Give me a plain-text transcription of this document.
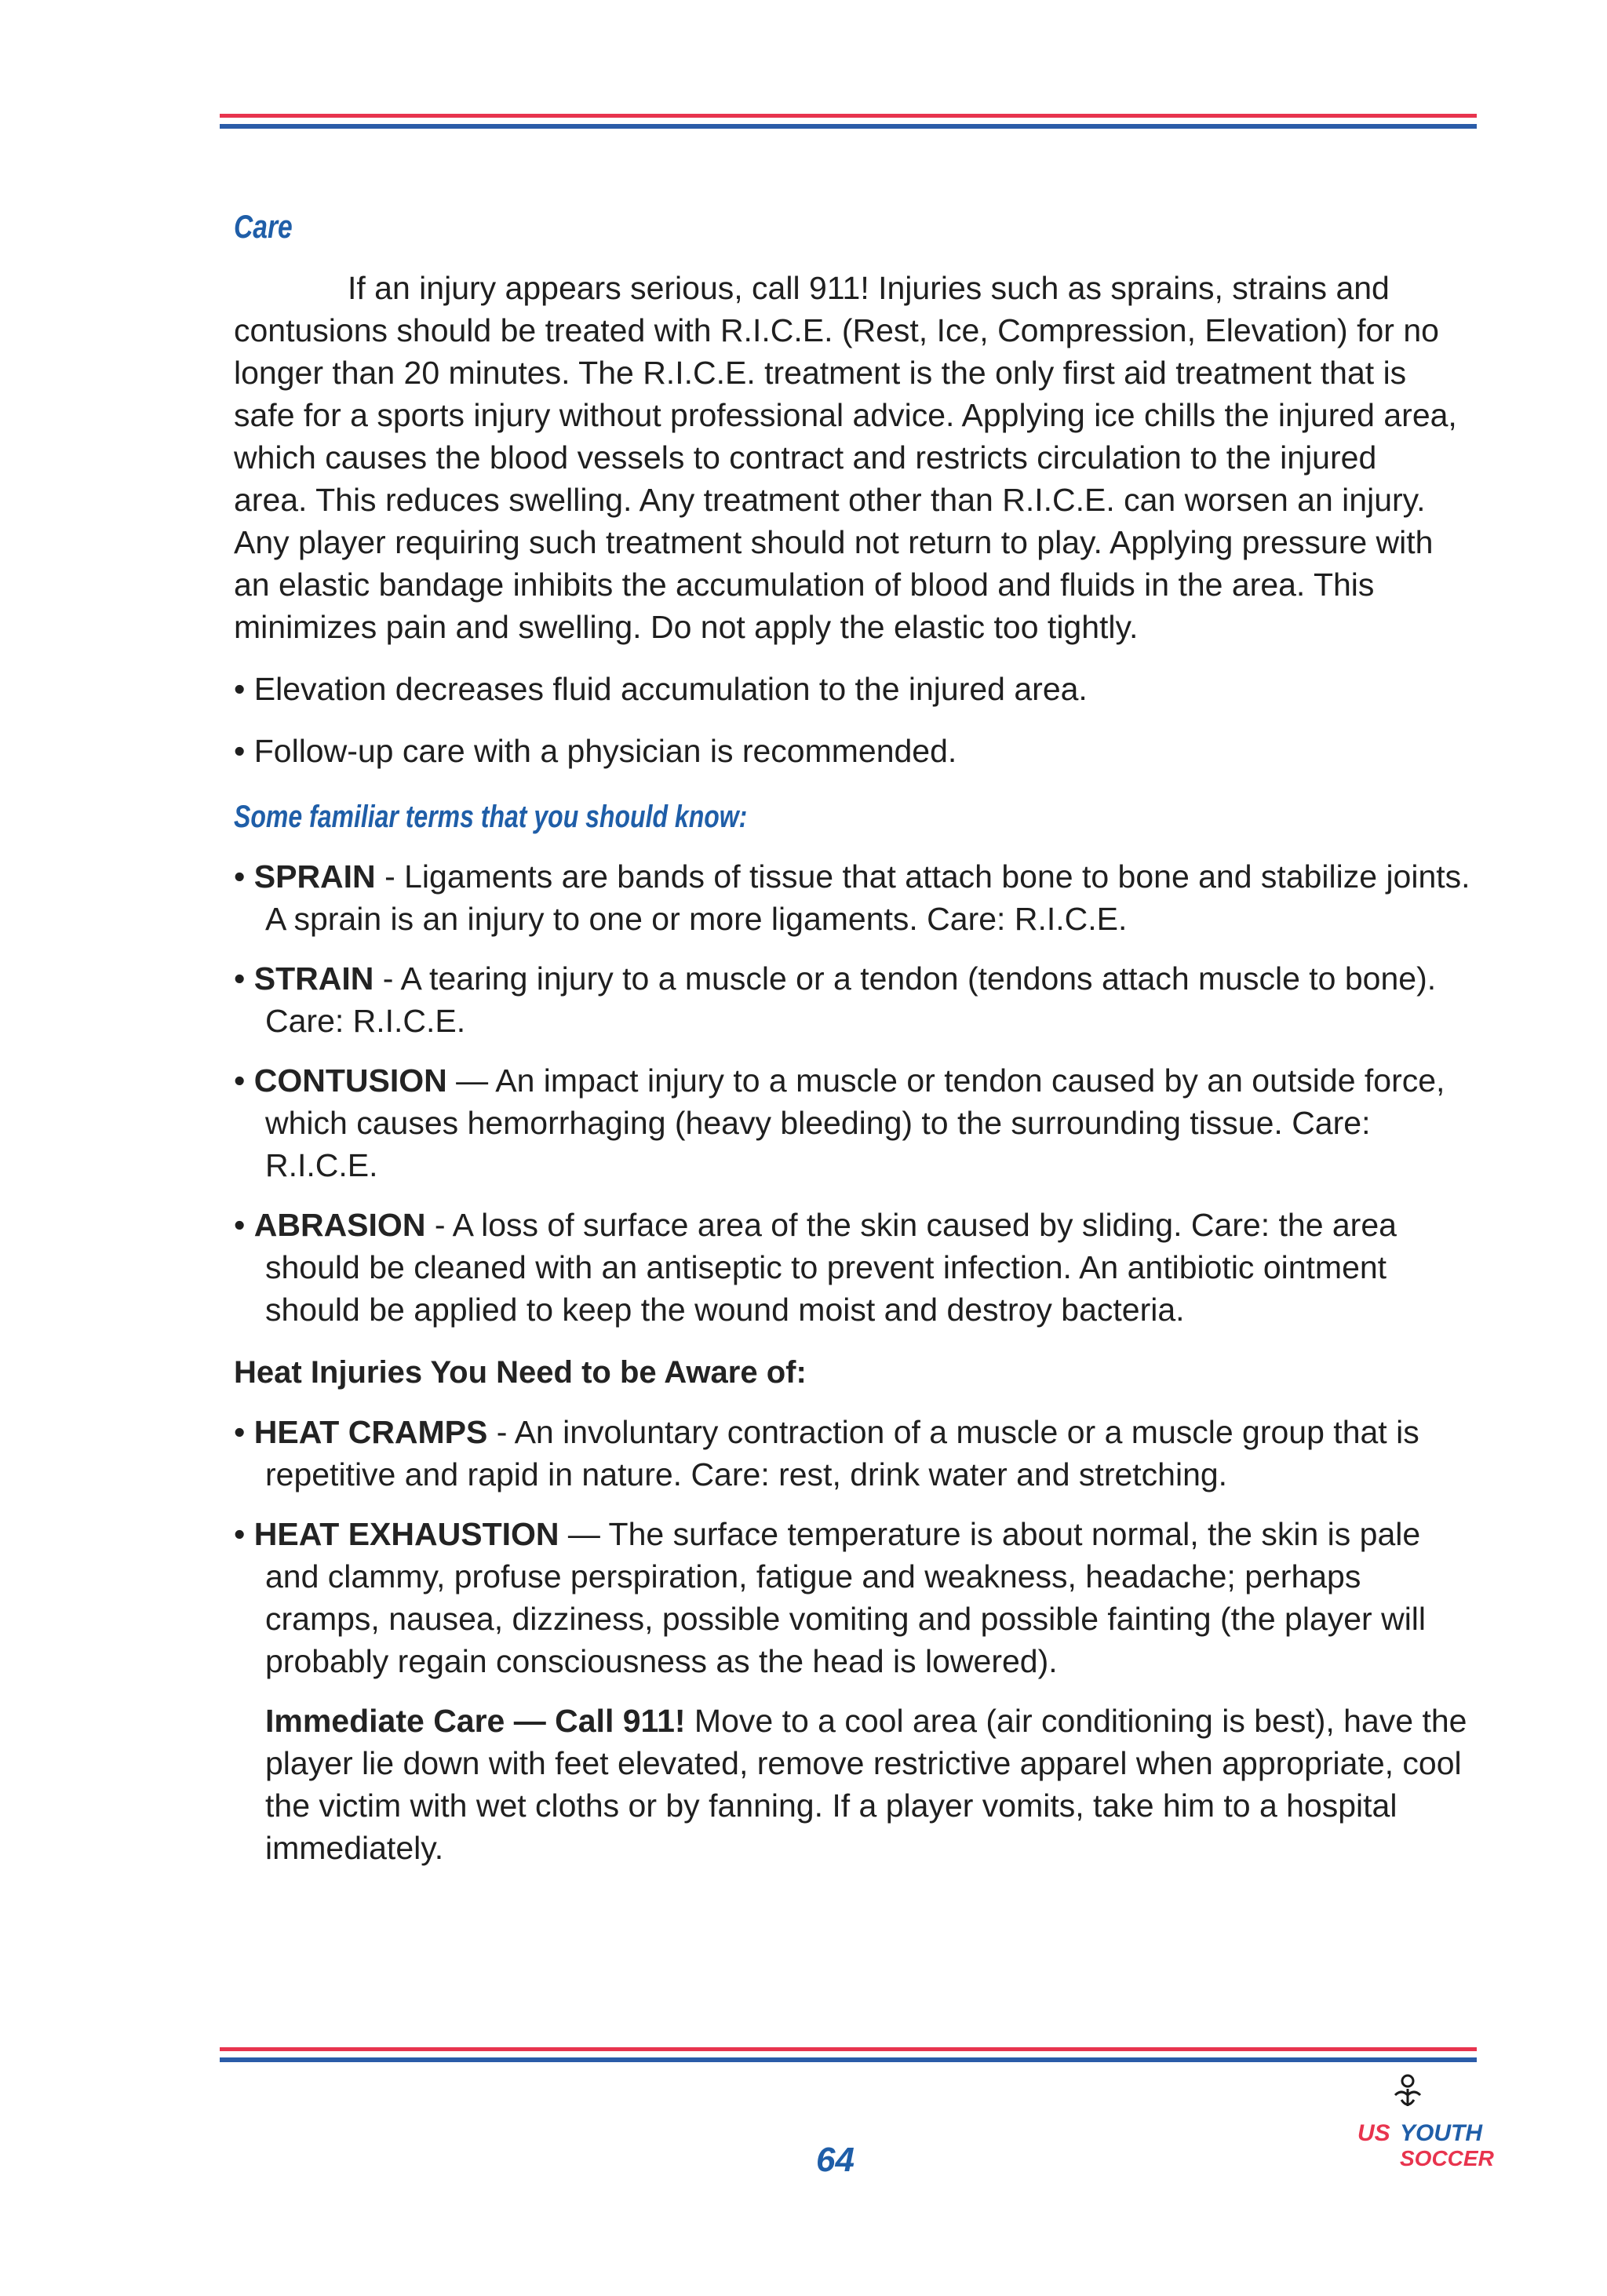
Care

If an injury appears serious, call 911! Injuries such as sprains, strains and contusions should be treated with R.I.C.E. (Rest, Ice, Compression, Elevation) for no longer than 20 minutes. The R.I.C.E. treatment is the only first aid treatment that is safe for a sports injury without professional advice. Applying ice chills the injured area, which causes the blood vessels to contract and restricts circulation to the injured area. This reduces swelling. Any treatment other than R.I.C.E. can worsen an injury. Any player requiring such treatment should not return to play. Applying pressure with an elastic bandage inhibits the accumulation of blood and fluids in the area. This minimizes pain and swelling. Do not apply the elastic too tightly.

• Elevation decreases fluid accumulation to the injured area.

• Follow-up care with a physician is recommended.

Some familiar terms that you should know:

• SPRAIN - Ligaments are bands of tissue that attach bone to bone and stabilize joints. A sprain is an injury to one or more ligaments. Care: R.I.C.E.

• STRAIN - A tearing injury to a muscle or a tendon (tendons attach muscle to bone). Care: R.I.C.E.

• CONTUSION — An impact injury to a muscle or tendon caused by an outside force, which causes hemorrhaging (heavy bleeding) to the surrounding tissue. Care: R.I.C.E.

• ABRASION - A loss of surface area of the skin caused by sliding. Care: the area should be cleaned with an antiseptic to prevent infection. An antibiotic ointment should be applied to keep the wound moist and destroy bacteria.

Heat Injuries You Need to be Aware of:

• HEAT CRAMPS - An involuntary contraction of a muscle or a muscle group that is repetitive and rapid in nature. Care: rest, drink water and stretching.

• HEAT EXHAUSTION — The surface temperature is about normal, the skin is pale and clammy, profuse perspiration, fatigue and weakness, headache; perhaps cramps, nausea, dizziness, possible vomiting and possible fainting (the player will probably regain consciousness as the head is lowered).

Immediate Care — Call 911! Move to a cool area (air conditioning is best), have the player lie down with feet elevated, remove restrictive apparel when appropriate, cool the victim with wet cloths or by fanning. If a player vomits, take him to a hospital immediately.

64
US YOUTH
SOCCER
